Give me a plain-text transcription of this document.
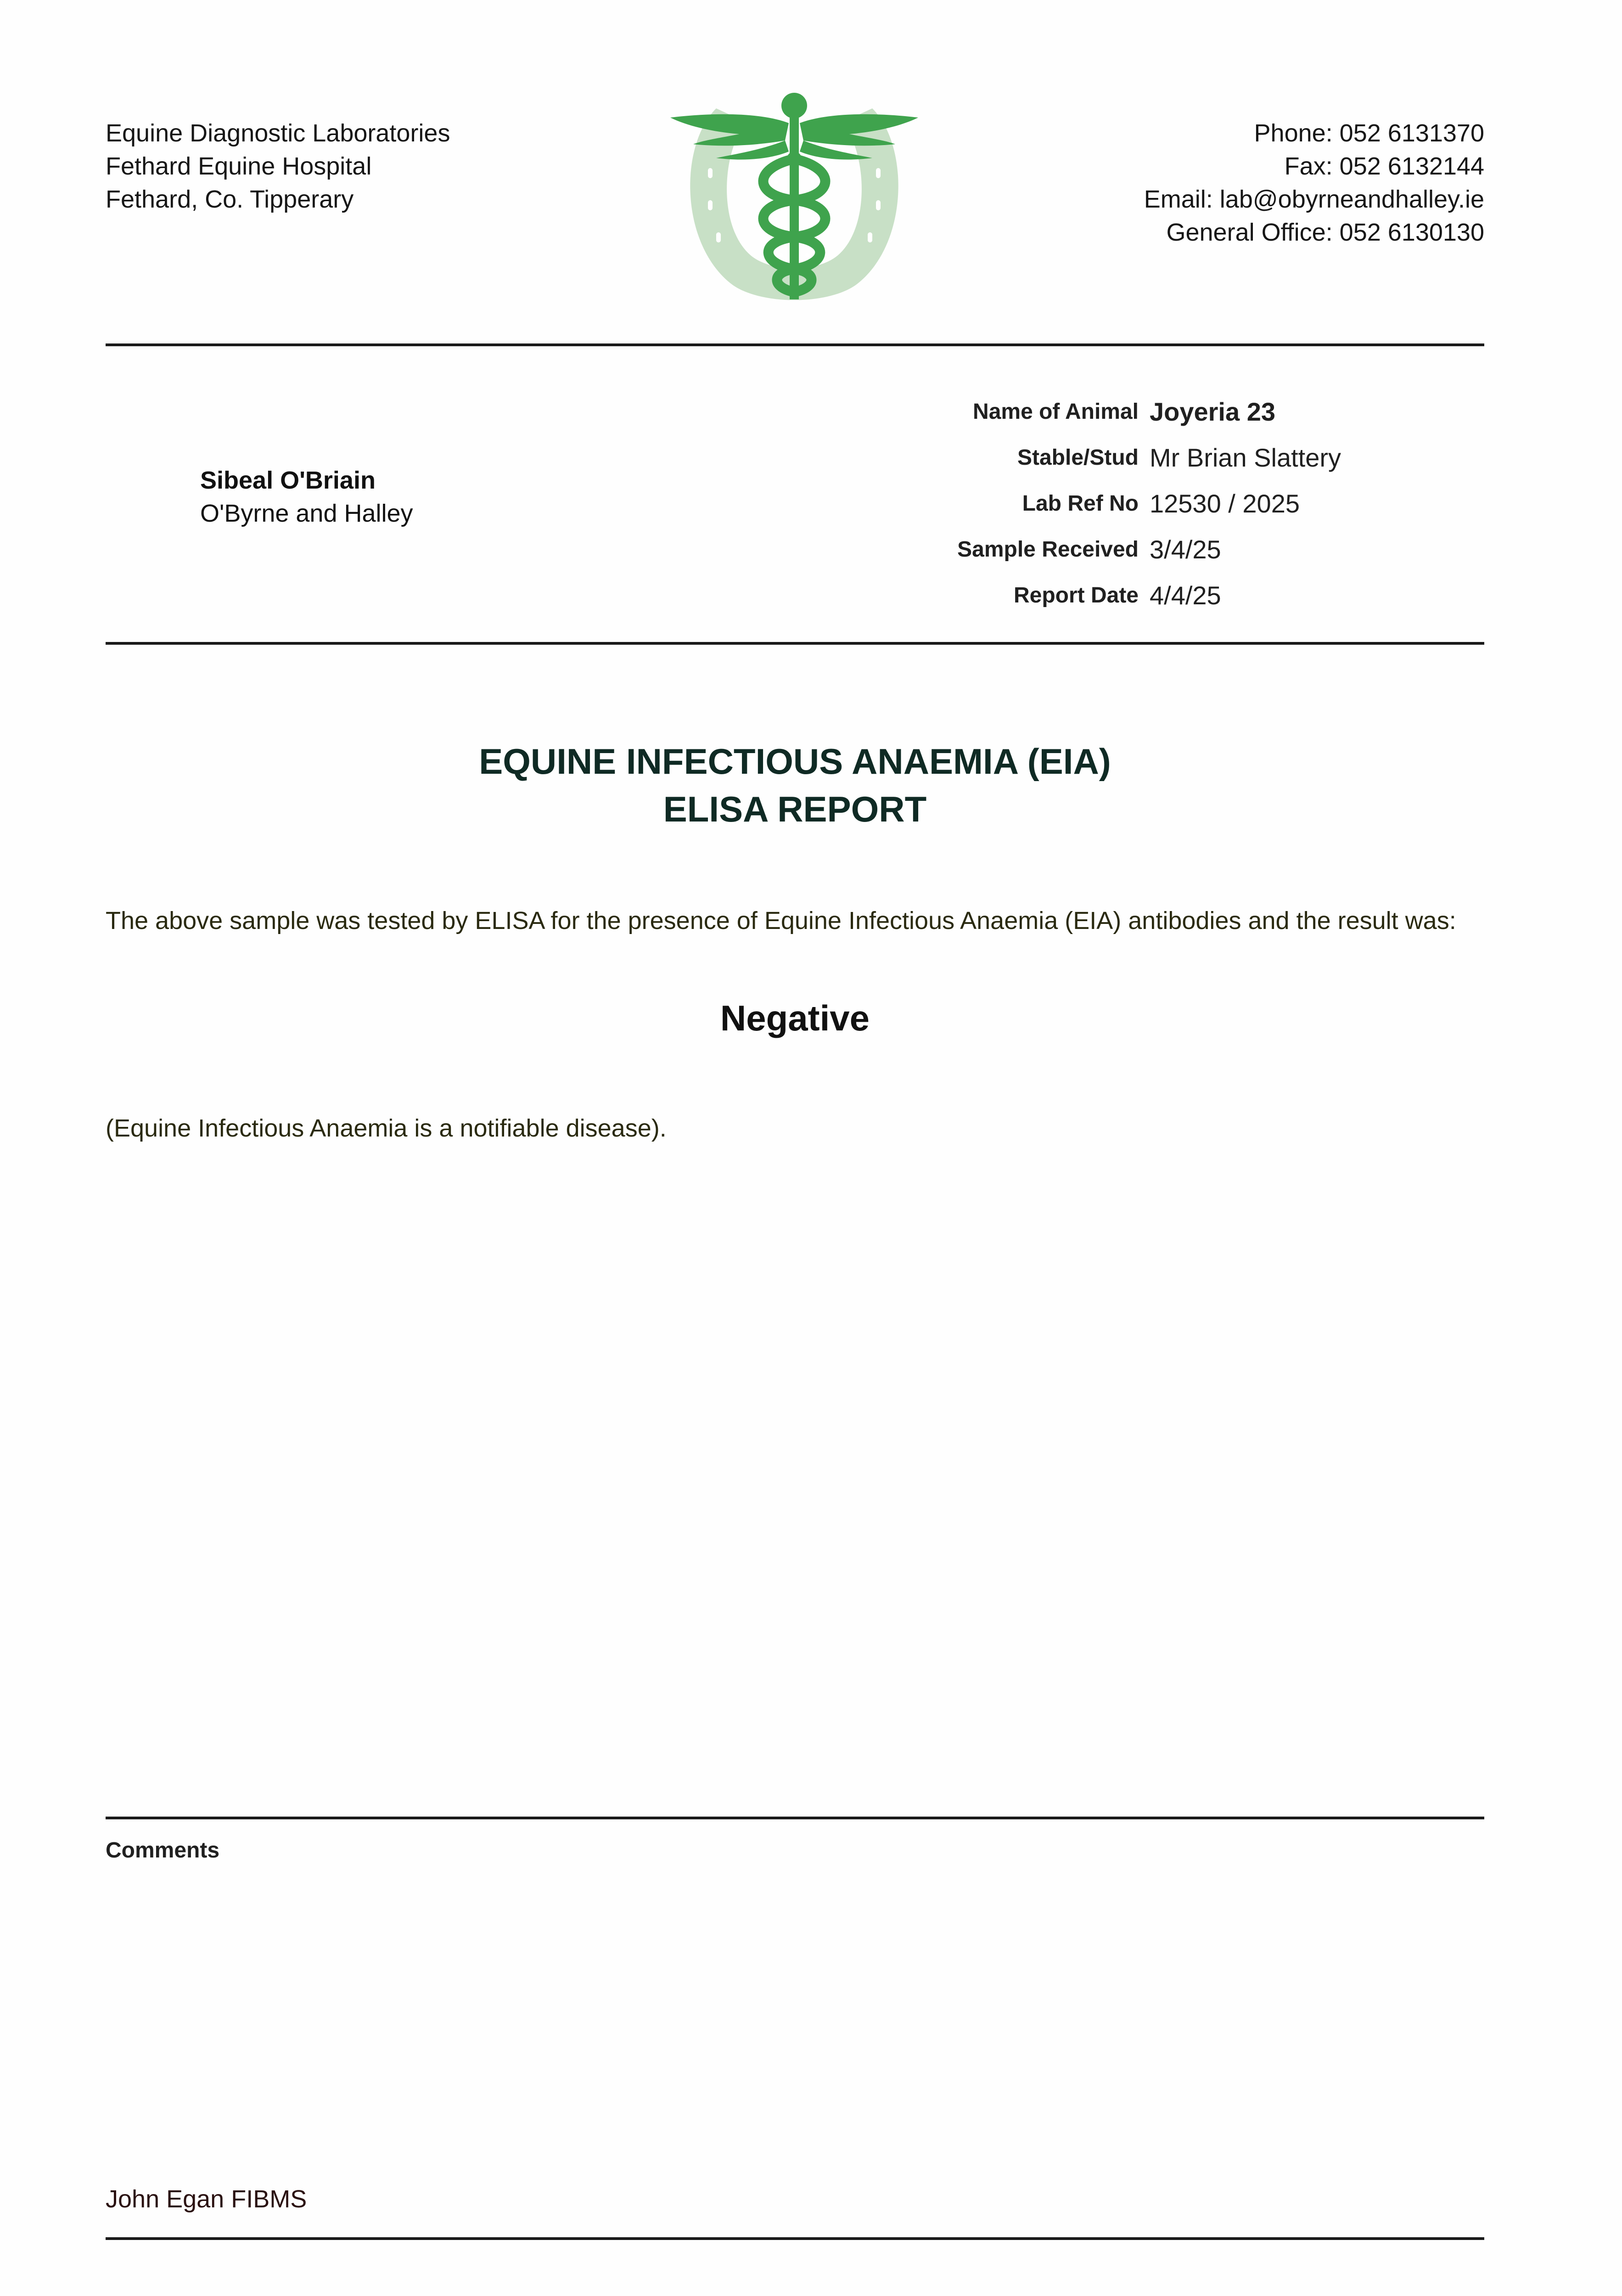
Equine Diagnostic Laboratories
Fethard Equine Hospital
Fethard, Co. Tipperary
Phone: 052 6131370
Fax: 052 6132144
Email: lab@obyrneandhalley.ie
General Office: 052 6130130
Sibeal O'Briain
O'Byrne and Halley
Name of Animal	Joyeria 23
Stable/Stud	Mr Brian Slattery
Lab Ref No	12530 / 2025
Sample Received	3/4/25
Report Date	4/4/25
EQUINE INFECTIOUS ANAEMIA (EIA)
ELISA REPORT
The above sample was tested by ELISA for the presence of Equine Infectious Anaemia (EIA) antibodies and the result was:
Negative
(Equine Infectious Anaemia is a notifiable disease).
Comments
John Egan FIBMS
